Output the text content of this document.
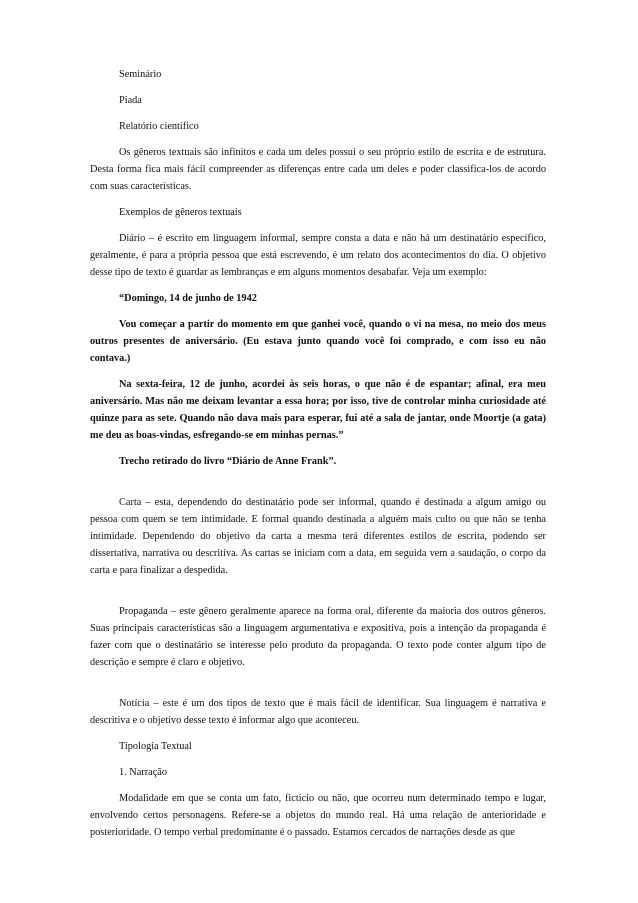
Seminário

Piada

Relatório científico

Os gêneros textuais são infinitos e cada um deles possui o seu próprio estilo de escrita e de estrutura. Desta forma fica mais fácil compreender as diferenças entre cada um deles e poder classifica-los de acordo com suas características.

Exemplos de gêneros textuais

Diário – é escrito em linguagem informal, sempre consta a data e não há um destinatário específico, geralmente, é para a própria pessoa que está escrevendo, é um relato dos acontecimentos do dia. O objetivo desse tipo de texto é guardar as lembranças e em alguns momentos desabafar. Veja um exemplo:

“Domingo, 14 de junho de 1942

Vou começar a partir do momento em que ganhei você, quando o vi na mesa, no meio dos meus outros presentes de aniversário. (Eu estava junto quando você foi comprado, e com isso eu não contava.)

Na sexta-feira, 12 de junho, acordei às seis horas, o que não é de espantar; afinal, era meu aniversário. Mas não me deixam levantar a essa hora; por isso, tive de controlar minha curiosidade até quinze para as sete. Quando não dava mais para esperar, fui até a sala de jantar, onde Moortje (a gata) me deu as boas-vindas, esfregando-se em minhas pernas.”

Trecho retirado do livro “Diário de Anne Frank”.

Carta – esta, dependendo do destinatário pode ser informal, quando é destinada a algum amigo ou pessoa com quem se tem intimidade. E formal quando destinada a alguém mais culto ou que não se tenha intimidade. Dependendo do objetivo da carta a mesma terá diferentes estilos de escrita, podendo ser dissertativa, narrativa ou descritiva. As cartas se iniciam com a data, em seguida vem a saudação, o corpo da carta e para finalizar a despedida.

Propaganda – este gênero geralmente aparece na forma oral, diferente da maioria dos outros gêneros. Suas principais características são a linguagem argumentativa e expositiva, pois a intenção da propaganda é fazer com que o destinatário se interesse pelo produto da propaganda. O texto pode conter algum tipo de descrição e sempre é claro e objetivo.

Notícia – este é um dos tipos de texto que é mais fácil de identificar. Sua linguagem é narrativa e descritiva e o objetivo desse texto é informar algo que aconteceu.

Tipologia Textual

1. Narração

Modalidade em que se conta um fato, fictício ou não, que ocorreu num determinado tempo e lugar, envolvendo certos personagens. Refere-se a objetos do mundo real. Há uma relação de anterioridade e posterioridade. O tempo verbal predominante é o passado. Estamos cercados de narrações desde as que
